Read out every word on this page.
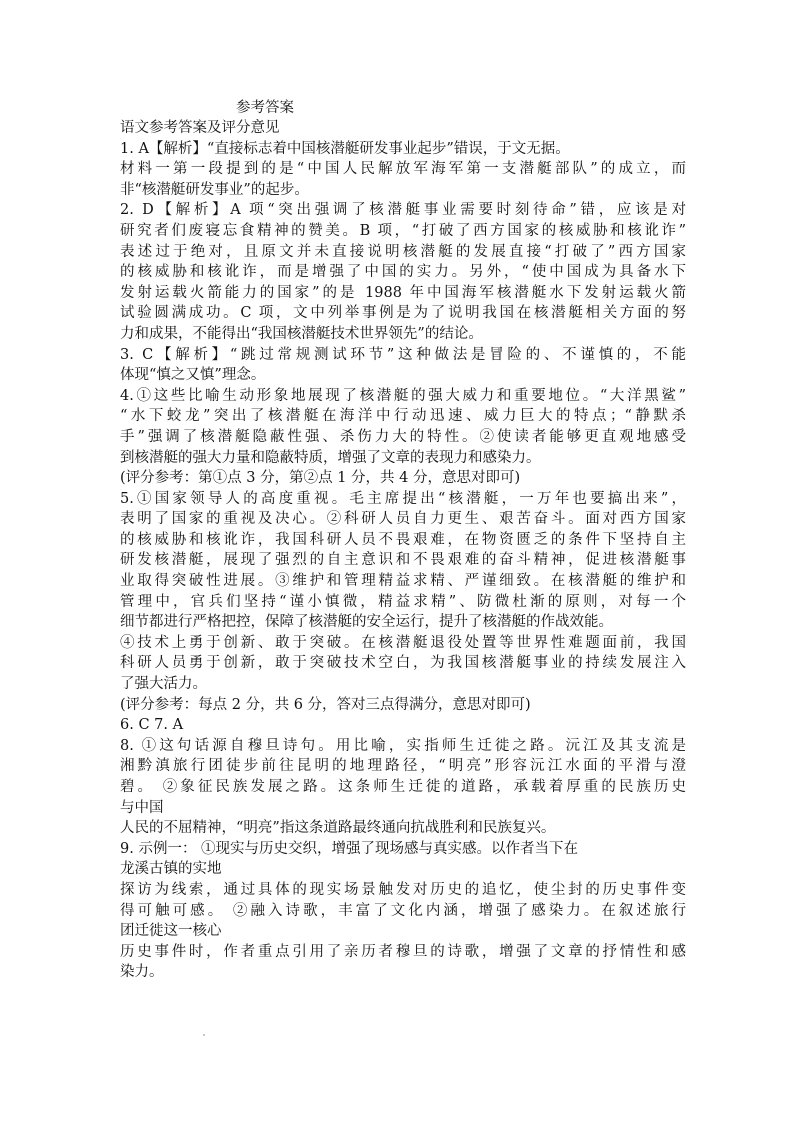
参考答案
语文参考答案及评分意见
1. A【解析】“直接标志着中国核潜艇研发事业起步”错误，于文无据。
材料一第一段提到的是“中国人民解放军海军第一支潜艇部队”的成立，而
非“核潜艇研发事业”的起步。
2. D【解析】A 项“突出强调了核潜艇事业需要时刻待命”错，应该是对
研究者们废寝忘食精神的赞美。B 项，“打破了西方国家的核威胁和核讹诈”
表述过于绝对，且原文并未直接说明核潜艇的发展直接“打破了”西方国家
的核威胁和核讹诈，而是增强了中国的实力。另外，“使中国成为具备水下
发射运载火箭能力的国家”的是 1988 年中国海军核潜艇水下发射运载火箭
试验圆满成功。C 项，文中列举事例是为了说明我国在核潜艇相关方面的努
力和成果，不能得出“我国核潜艇技术世界领先”的结论。
3. C【解析】“跳过常规测试环节”这种做法是冒险的、不谨慎的，不能
体现“慎之又慎”理念。
4.①这些比喻生动形象地展现了核潜艇的强大威力和重要地位。“大洋黑鲨”
“水下蛟龙”突出了核潜艇在海洋中行动迅速、威力巨大的特点；“静默杀
手”强调了核潜艇隐蔽性强、杀伤力大的特性。②使读者能够更直观地感受
到核潜艇的强大力量和隐蔽特质，增强了文章的表现力和感染力。
(评分参考：第①点 3 分，第②点 1 分，共 4 分，意思对即可)
5.①国家领导人的高度重视。毛主席提出“核潜艇，一万年也要搞出来”，
表明了国家的重视及决心。②科研人员自力更生、艰苦奋斗。面对西方国家
的核威胁和核讹诈，我国科研人员不畏艰难，在物资匮乏的条件下坚持自主
研发核潜艇，展现了强烈的自主意识和不畏艰难的奋斗精神，促进核潜艇事
业取得突破性进展。③维护和管理精益求精、严谨细致。在核潜艇的维护和
管理中，官兵们坚持“谨小慎微，精益求精”、防微杜渐的原则，对每一个
细节都进行严格把控，保障了核潜艇的安全运行，提升了核潜艇的作战效能。
④技术上勇于创新、敢于突破。在核潜艇退役处置等世界性难题面前，我国
科研人员勇于创新，敢于突破技术空白，为我国核潜艇事业的持续发展注入
了强大活力。
(评分参考：每点 2 分，共 6 分，答对三点得满分，意思对即可)
6. C 7. A
8. ①这句话源自穆旦诗句。用比喻，实指师生迁徙之路。沅江及其支流是
湘黔滇旅行团徒步前往昆明的地理路径，“明亮”形容沅江水面的平滑与澄
碧。 ②象征民族发展之路。这条师生迁徙的道路，承载着厚重的民族历史
与中国
人民的不屈精神，“明亮”指这条道路最终通向抗战胜利和民族复兴。
9. 示例一： ①现实与历史交织，增强了现场感与真实感。以作者当下在
龙溪古镇的实地
探访为线索，通过具体的现实场景触发对历史的追忆，使尘封的历史事件变
得可触可感。 ②融入诗歌，丰富了文化内涵，增强了感染力。在叙述旅行
团迁徙这一核心
历史事件时，作者重点引用了亲历者穆旦的诗歌，增强了文章的抒情性和感
染力。
